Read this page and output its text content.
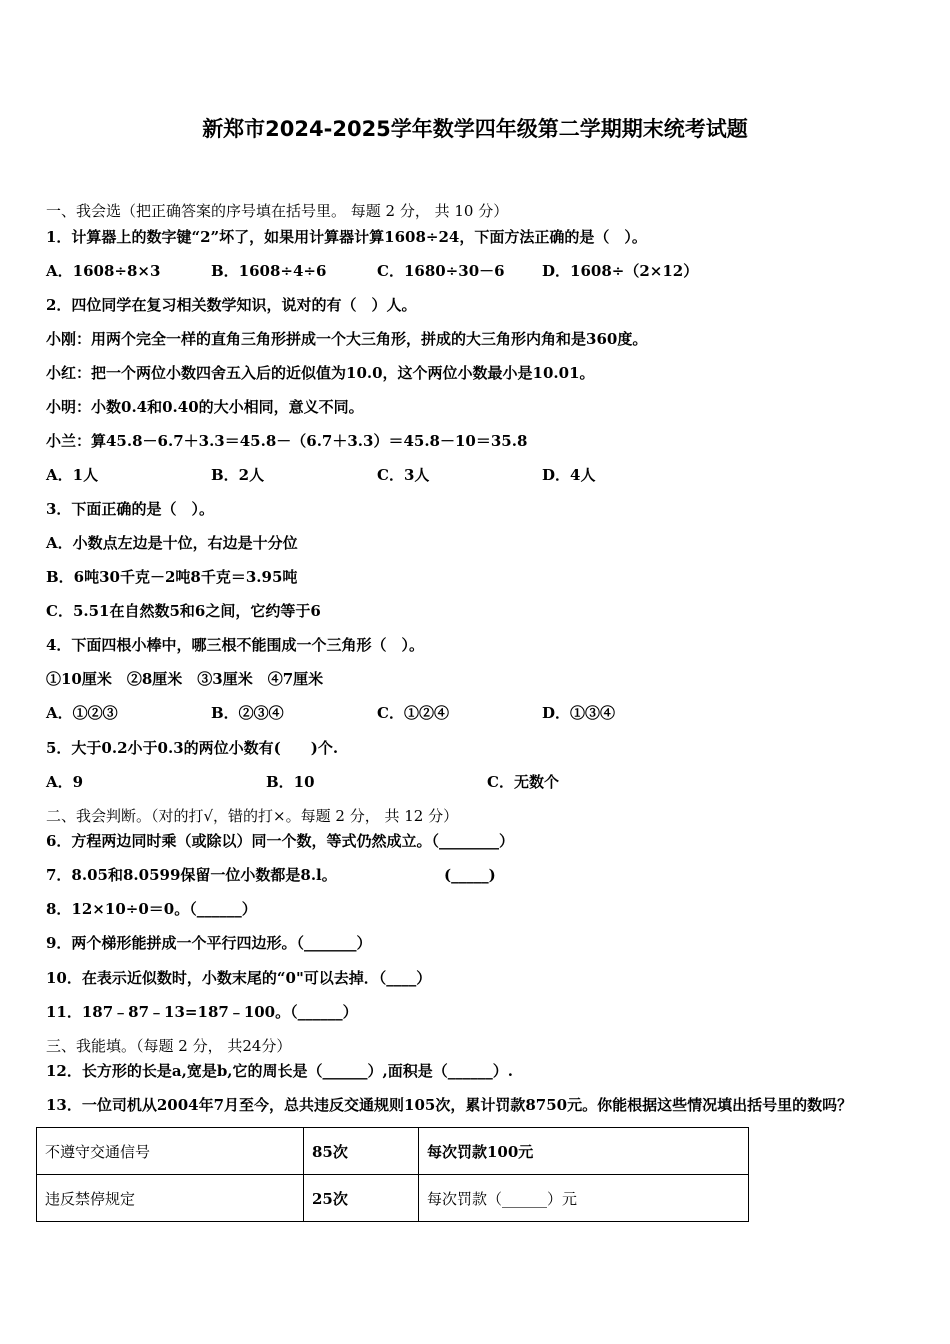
新郑市2024-2025学年数学四年级第二学期期末统考试题
一、我会选（把正确答案的序号填在括号里。 每题 2 分， 共 10 分）
1．计算器上的数字键“2”坏了，如果用计算器计算1608÷24，下面方法正确的是（　）。
A．1608÷8×3	B．1608÷4÷6	C．1680÷30－6 D．1608÷（2×12）
2．四位同学在复习相关数学知识，说对的有（　）人。
小刚：用两个完全一样的直角三角形拼成一个大三角形，拼成的大三角形内角和是360度。
小红：把一个两位小数四舍五入后的近似值为10.0，这个两位小数最小是10.01。
小明：小数0.4和0.40的大小相同，意义不同。
小兰：算45.8－6.7＋3.3＝45.8－（6.7＋3.3）＝45.8－10＝35.8
A．1人	B．2人	C．3人	D．4人
3．下面正确的是（　）。
A．小数点左边是十位，右边是十分位
B．6吨30千克－2吨8千克＝3.95吨
C．5.51在自然数5和6之间，它约等于6
4．下面四根小棒中，哪三根不能围成一个三角形（　）。
①10厘米　②8厘米　③3厘米　④7厘米
A．①②③	B．②③④	C．①②④	D．①③④
5．大于0.2小于0.3的两位小数有(　　)个.
A．9	B．10	C．无数个
二、我会判断。（对的打√，错的打×。每题 2 分， 共 12 分）
6．方程两边同时乘（或除以）同一个数，等式仍然成立。（________）
7．8.05和8.0599保留一位小数都是8.l。	(_____)
8．12×10÷0＝0。（______）
9．两个梯形能拼成一个平行四边形。（_______）
10．在表示近似数时，小数末尾的“0"可以去掉．（____）
11．187﹣87﹣13=187﹣100。（______）
三、我能填。（每题 2 分， 共24分）
12．长方形的长是a,宽是b,它的周长是（______）,面积是（______）.
13．一位司机从2004年7月至今，总共违反交通规则105次，累计罚款8750元。你能根据这些情况填出括号里的数吗？
不遵守交通信号	85次	每次罚款100元
违反禁停规定	25次	每次罚款（______）元
